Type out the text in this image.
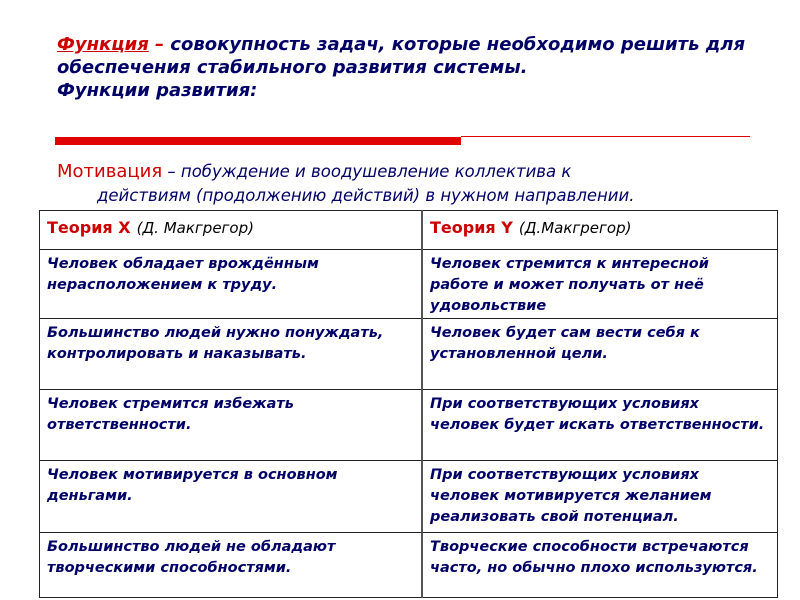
Функция – совокупность задач, которые необходимо решить для обеспечения стабильного развития системы.
Функции развития:
Мотивация – побуждение и воодушевление коллектива к
действиям (продолжению действий) в нужном направлении.
Теория X (Д. Макгрегор)	Теория Y (Д.Макгрегор)
Человек обладает врождённым нерасположением к труду.	Человек стремится к интересной работе и может получать от неё удовольствие
Большинство людей нужно понуждать, контролировать и наказывать.	Человек будет сам вести себя к установленной цели.
Человек стремится избежать ответственности.	При соответствующих условиях человек будет искать ответственности.
Человек мотивируется в основном деньгами.	При соответствующих условиях человек мотивируется желанием реализовать свой потенциал.
Большинство людей не обладают творческими способностями.	Творческие способности встречаются часто, но обычно плохо используются.
